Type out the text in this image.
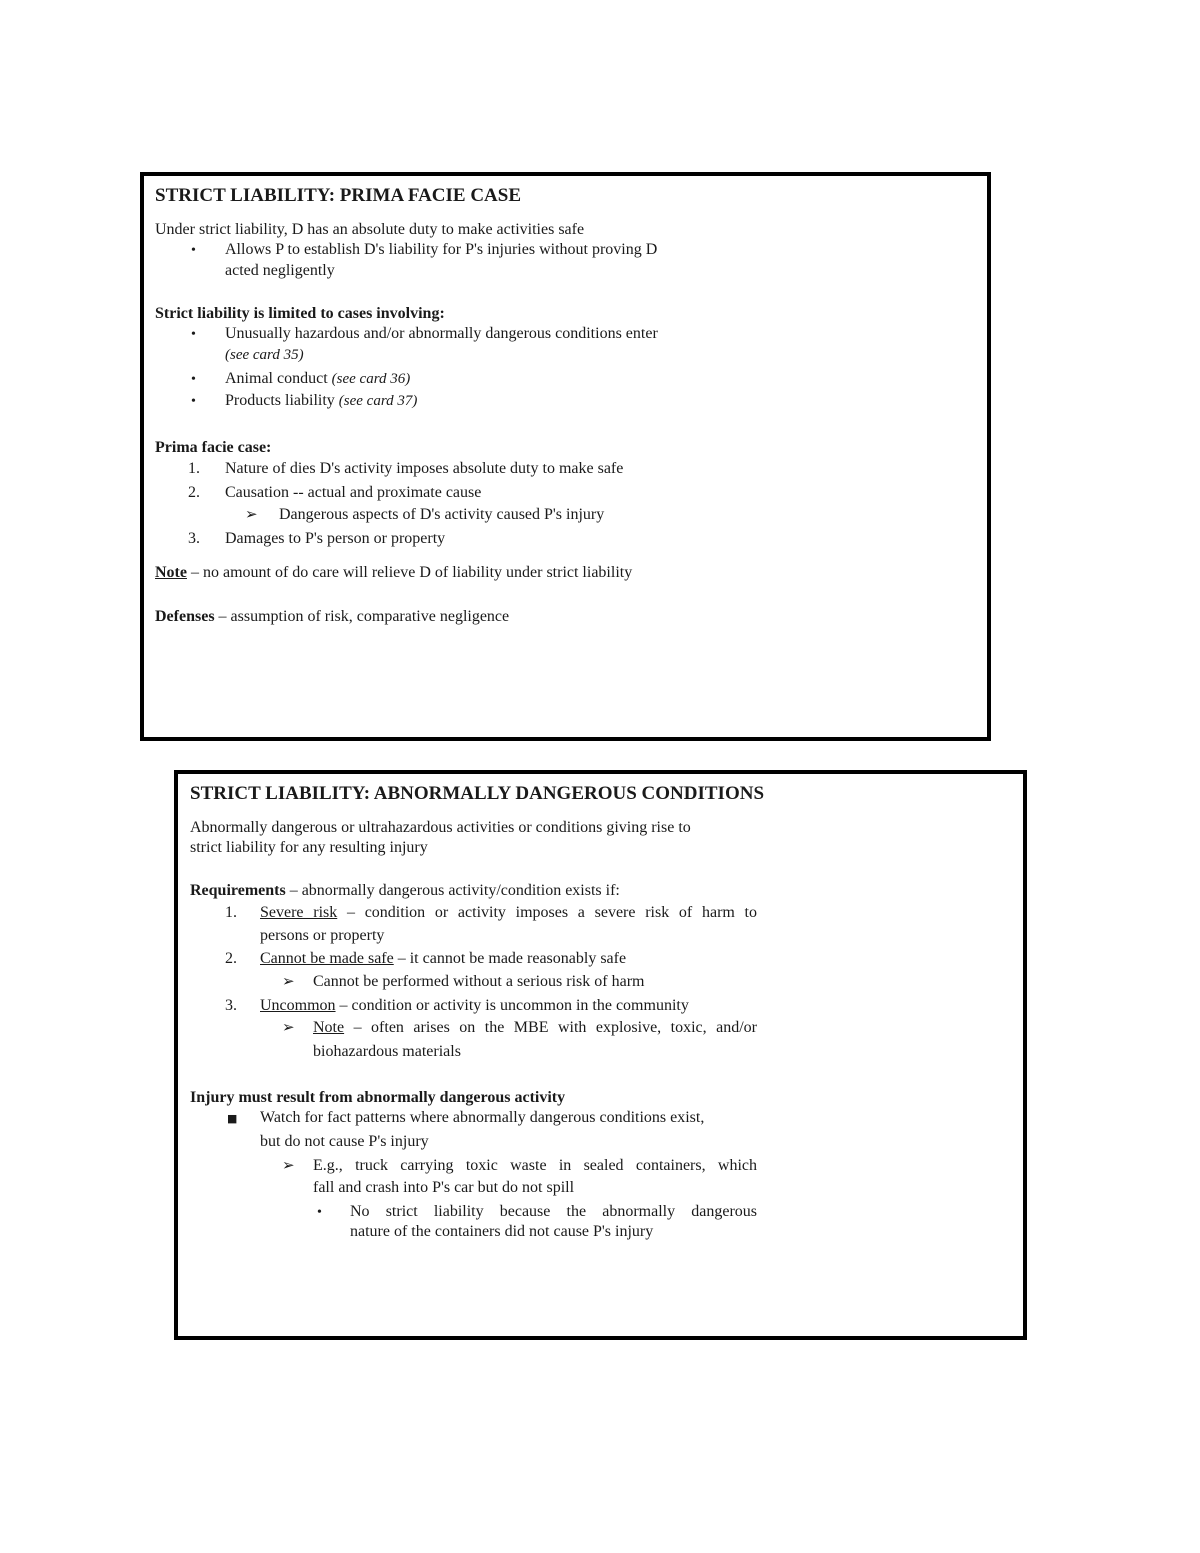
STRICT LIABILITY: PRIMA FACIE CASE
Under strict liability, D has an absolute duty to make activities safe
• Allows P to establish D's liability for P's injuries without proving D
acted negligently
Strict liability is limited to cases involving:
• Unusually hazardous and/or abnormally dangerous conditions enter
(see card 35)
• Animal conduct (see card 36)
• Products liability (see card 37)
Prima facie case:
1. Nature of dies D's activity imposes absolute duty to make safe
2. Causation -- actual and proximate cause
➢ Dangerous aspects of D's activity caused P's injury
3. Damages to P's person or property
Note – no amount of do care will relieve D of liability under strict liability
Defenses – assumption of risk, comparative negligence
STRICT LIABILITY: ABNORMALLY DANGEROUS CONDITIONS
Abnormally dangerous or ultrahazardous activities or conditions giving rise to
strict liability for any resulting injury
Requirements – abnormally dangerous activity/condition exists if:
1. Severe risk – condition or activity imposes a severe risk of harm to
persons or property
2. Cannot be made safe – it cannot be made reasonably safe
➢ Cannot be performed without a serious risk of harm
3. Uncommon – condition or activity is uncommon in the community
➢ Note – often arises on the MBE with explosive, toxic, and/or
biohazardous materials
Injury must result from abnormally dangerous activity
■ Watch for fact patterns where abnormally dangerous conditions exist,
but do not cause P's injury
➢ E.g., truck carrying toxic waste in sealed containers, which
fall and crash into P's car but do not spill
• No strict liability because the abnormally dangerous
nature of the containers did not cause P's injury
